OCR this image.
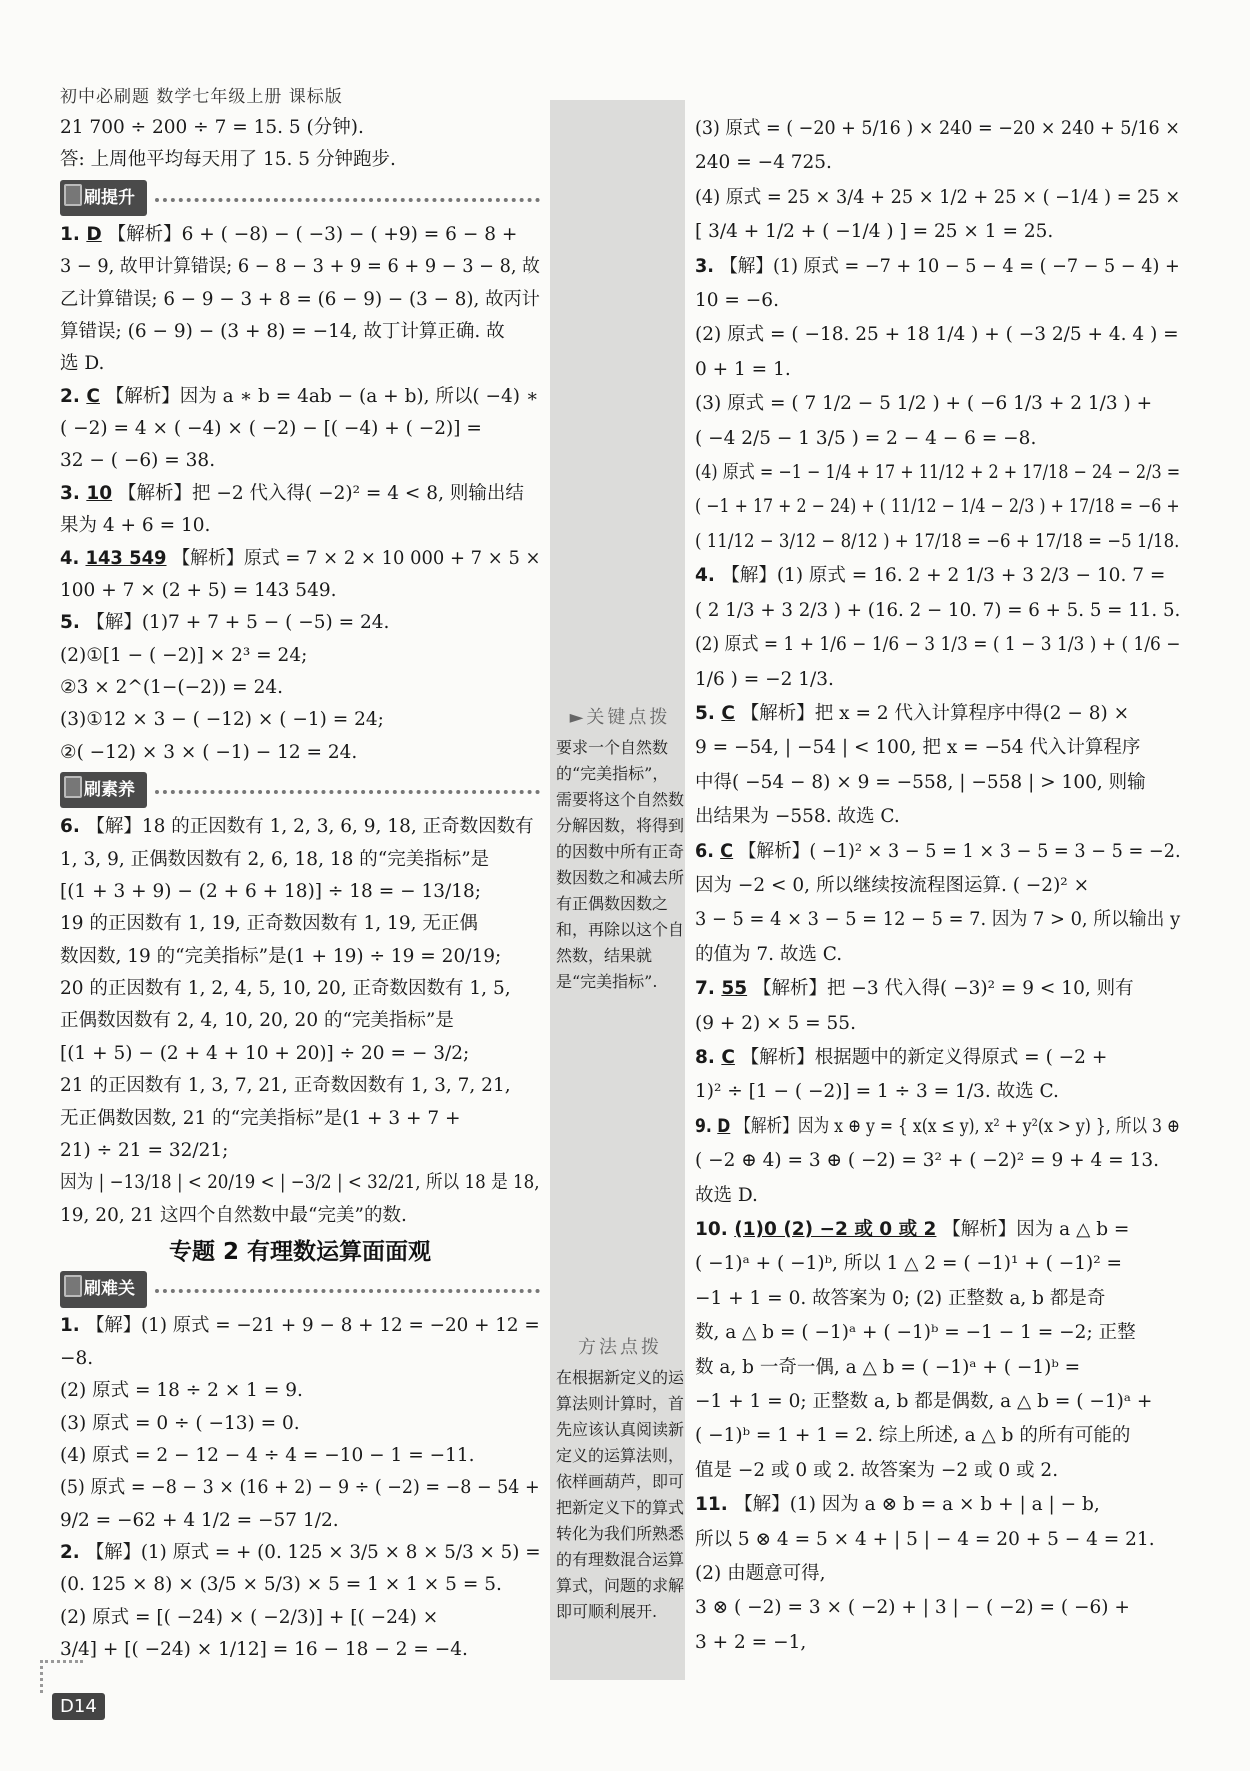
初中必刷题 数学七年级上册 课标版
21 700 ÷ 200 ÷ 7 = 15. 5 (分钟).
答: 上周他平均每天用了 15. 5 分钟跑步.
刷提升
1. D 【解析】6 + ( −8) − ( −3) − ( +9) = 6 − 8 +
3 − 9, 故甲计算错误; 6 − 8 − 3 + 9 = 6 + 9 − 3 − 8, 故
乙计算错误; 6 − 9 − 3 + 8 = (6 − 9) − (3 − 8), 故丙计
算错误; (6 − 9) − (3 + 8) = −14, 故丁计算正确. 故
选 D.
2. C 【解析】因为 a ∗ b = 4ab − (a + b), 所以( −4) ∗
( −2) = 4 × ( −4) × ( −2) − [( −4) + ( −2)] =
32 − ( −6) = 38.
3. 10 【解析】把 −2 代入得( −2)² = 4 < 8, 则输出结
果为 4 + 6 = 10.
4. 143 549 【解析】原式 = 7 × 2 × 10 000 + 7 × 5 ×
100 + 7 × (2 + 5) = 143 549.
5. 【解】(1)7 + 7 + 5 − ( −5) = 24.
(2)①[1 − ( −2)] × 2³ = 24;
②3 × 2^(1−(−2)) = 24.
(3)①12 × 3 − ( −12) × ( −1) = 24;
②( −12) × 3 × ( −1) − 12 = 24.
刷素养
6. 【解】18 的正因数有 1, 2, 3, 6, 9, 18, 正奇数因数有
1, 3, 9, 正偶数因数有 2, 6, 18, 18 的“完美指标”是
[(1 + 3 + 9) − (2 + 6 + 18)] ÷ 18 = − 13/18;
19 的正因数有 1, 19, 正奇数因数有 1, 19, 无正偶
数因数, 19 的“完美指标”是(1 + 19) ÷ 19 = 20/19;
20 的正因数有 1, 2, 4, 5, 10, 20, 正奇数因数有 1, 5,
正偶数因数有 2, 4, 10, 20, 20 的“完美指标”是
[(1 + 5) − (2 + 4 + 10 + 20)] ÷ 20 = − 3/2;
21 的正因数有 1, 3, 7, 21, 正奇数因数有 1, 3, 7, 21,
无正偶数因数, 21 的“完美指标”是(1 + 3 + 7 +
21) ÷ 21 = 32/21;
因为 | −13/18 | < 20/19 < | −3/2 | < 32/21, 所以 18 是 18,
19, 20, 21 这四个自然数中最“完美”的数.
专题 2 有理数运算面面观
刷难关
1. 【解】(1) 原式 = −21 + 9 − 8 + 12 = −20 + 12 =
−8.
(2) 原式 = 18 ÷ 2 × 1 = 9.
(3) 原式 = 0 ÷ ( −13) = 0.
(4) 原式 = 2 − 12 − 4 ÷ 4 = −10 − 1 = −11.
(5) 原式 = −8 − 3 × (16 + 2) − 9 ÷ ( −2) = −8 − 54 +
9/2 = −62 + 4 1/2 = −57 1/2.
2. 【解】(1) 原式 = + (0. 125 × 3/5 × 8 × 5/3 × 5) =
(0. 125 × 8) × (3/5 × 5/3) × 5 = 1 × 1 × 5 = 5.
(2) 原式 = [( −24) × ( −2/3)] + [( −24) ×
3/4] + [( −24) × 1/12] = 16 − 18 − 2 = −4.
(3) 原式 = ( −20 + 5/16 ) × 240 = −20 × 240 + 5/16 ×
240 = −4 725.
(4) 原式 = 25 × 3/4 + 25 × 1/2 + 25 × ( −1/4 ) = 25 ×
[ 3/4 + 1/2 + ( −1/4 ) ] = 25 × 1 = 25.
3. 【解】(1) 原式 = −7 + 10 − 5 − 4 = ( −7 − 5 − 4) +
10 = −6.
(2) 原式 = ( −18. 25 + 18 1/4 ) + ( −3 2/5 + 4. 4 ) =
0 + 1 = 1.
(3) 原式 = ( 7 1/2 − 5 1/2 ) + ( −6 1/3 + 2 1/3 ) +
( −4 2/5 − 1 3/5 ) = 2 − 4 − 6 = −8.
(4) 原式 = −1 − 1/4 + 17 + 11/12 + 2 + 17/18 − 24 − 2/3 =
( −1 + 17 + 2 − 24) + ( 11/12 − 1/4 − 2/3 ) + 17/18 = −6 +
( 11/12 − 3/12 − 8/12 ) + 17/18 = −6 + 17/18 = −5 1/18.
4. 【解】(1) 原式 = 16. 2 + 2 1/3 + 3 2/3 − 10. 7 =
( 2 1/3 + 3 2/3 ) + (16. 2 − 10. 7) = 6 + 5. 5 = 11. 5.
(2) 原式 = 1 + 1/6 − 1/6 − 3 1/3 = ( 1 − 3 1/3 ) + ( 1/6 −
1/6 ) = −2 1/3.
5. C 【解析】把 x = 2 代入计算程序中得(2 − 8) ×
9 = −54, | −54 | < 100, 把 x = −54 代入计算程序
中得( −54 − 8) × 9 = −558, | −558 | > 100, 则输
出结果为 −558. 故选 C.
6. C 【解析】( −1)² × 3 − 5 = 1 × 3 − 5 = 3 − 5 = −2.
因为 −2 < 0, 所以继续按流程图运算. ( −2)² ×
3 − 5 = 4 × 3 − 5 = 12 − 5 = 7. 因为 7 > 0, 所以输出 y
的值为 7. 故选 C.
7. 55 【解析】把 −3 代入得( −3)² = 9 < 10, 则有
(9 + 2) × 5 = 55.
8. C 【解析】根据题中的新定义得原式 = ( −2 +
1)² ÷ [1 − ( −2)] = 1 ÷ 3 = 1/3. 故选 C.
9. D 【解析】因为 x ⊕ y = { x(x ≤ y), x² + y²(x > y) }, 所以 3 ⊕
( −2 ⊕ 4) = 3 ⊕ ( −2) = 3² + ( −2)² = 9 + 4 = 13.
故选 D.
10. (1)0 (2) −2 或 0 或 2 【解析】因为 a △ b =
( −1)ᵃ + ( −1)ᵇ, 所以 1 △ 2 = ( −1)¹ + ( −1)² =
−1 + 1 = 0. 故答案为 0; (2) 正整数 a, b 都是奇
数, a △ b = ( −1)ᵃ + ( −1)ᵇ = −1 − 1 = −2; 正整
数 a, b 一奇一偶, a △ b = ( −1)ᵃ + ( −1)ᵇ =
−1 + 1 = 0; 正整数 a, b 都是偶数, a △ b = ( −1)ᵃ +
( −1)ᵇ = 1 + 1 = 2. 综上所述, a △ b 的所有可能的
值是 −2 或 0 或 2. 故答案为 −2 或 0 或 2.
11. 【解】(1) 因为 a ⊗ b = a × b + | a | − b,
所以 5 ⊗ 4 = 5 × 4 + | 5 | − 4 = 20 + 5 − 4 = 21.
(2) 由题意可得,
3 ⊗ ( −2) = 3 × ( −2) + | 3 | − ( −2) = ( −6) +
3 + 2 = −1,
►关键点拨
要求一个自然数的“完美指标”，需要将这个自然数分解因数，将得到的因数中所有正奇数因数之和减去所有正偶数因数之和，再除以这个自然数，结果就是“完美指标”.
方法点拨
在根据新定义的运算法则计算时，首先应该认真阅读新定义的运算法则，依样画葫芦，即可把新定义下的算式转化为我们所熟悉的有理数混合运算算式，问题的求解即可顺利展开.
D14
